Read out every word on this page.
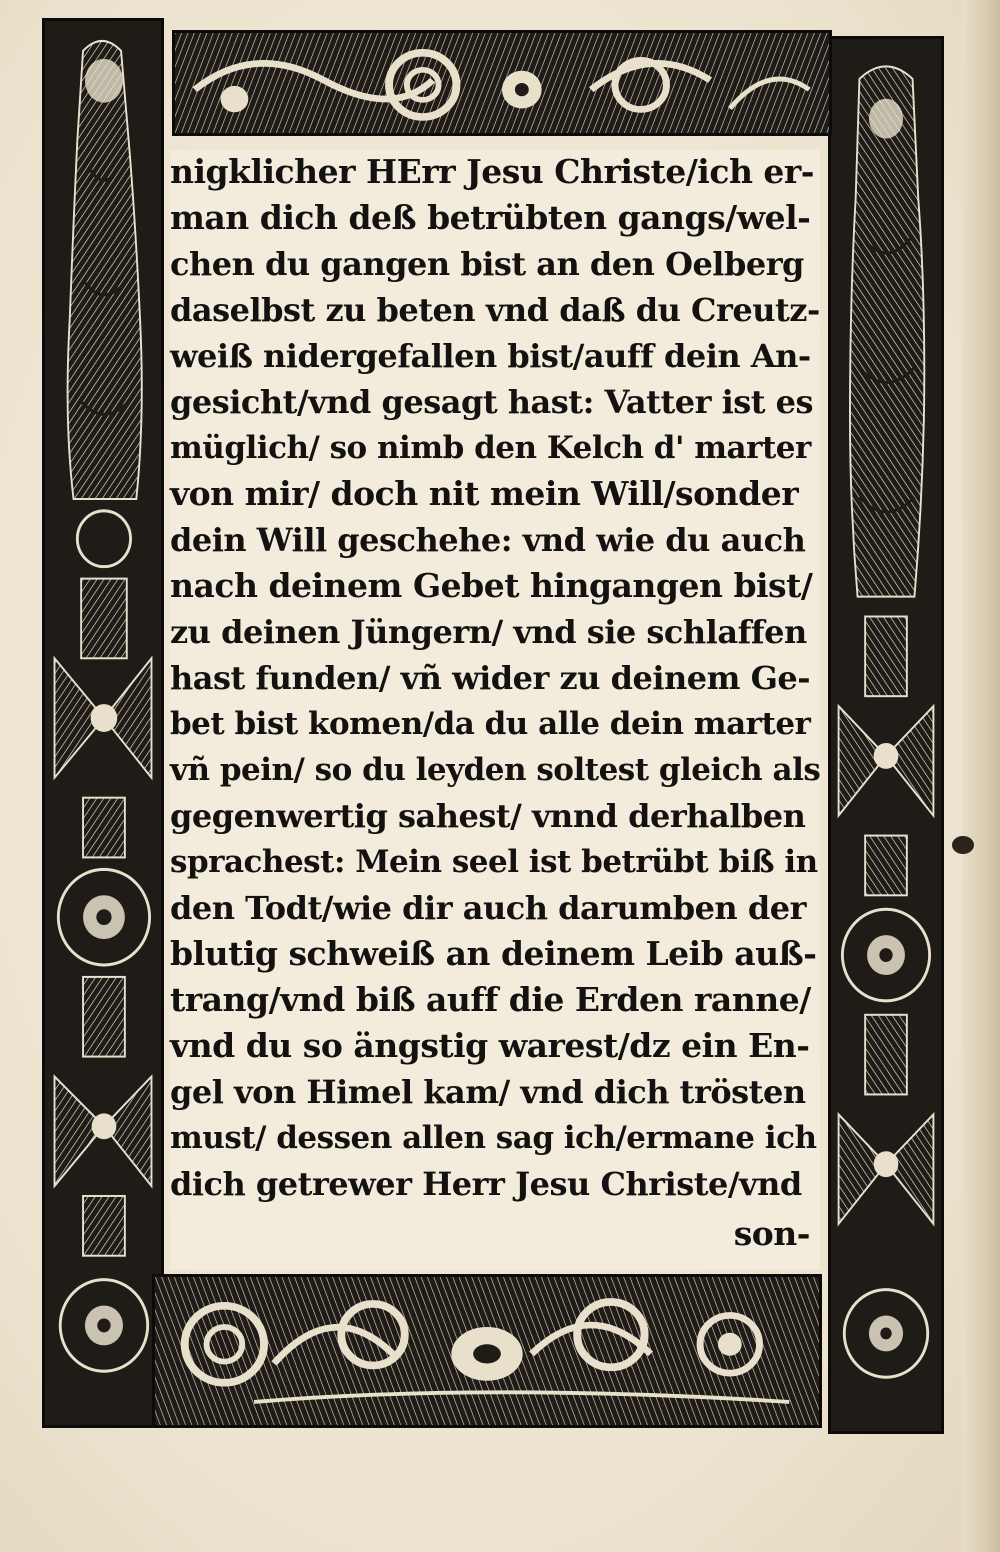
nigklicher HErr Jesu Christe/ich er-
man dich deß betrübten gangs/wel-
chen du gangen bist an den Oelberg
daselbst zu beten vnd daß du Creutz-
weiß nidergefallen bist/auff dein An-
gesicht/vnd gesagt hast: Vatter ist es
müglich/ so nimb den Kelch d' marter
von mir/ doch nit mein Will/sonder
dein Will geschehe: vnd wie du auch
nach deinem Gebet hingangen bist/
zu deinen Jüngern/ vnd sie schlaffen
hast funden/ vñ wider zu deinem Ge-
bet bist komen/da du alle dein marter
vñ pein/ so du leyden soltest gleich als
gegenwertig sahest/ vnnd derhalben
sprachest: Mein seel ist betrübt biß in
den Todt/wie dir auch darumben der
blutig schweiß an deinem Leib auß-
trang/vnd biß auff die Erden ranne/
vnd du so ängstig warest/dz ein En-
gel von Himel kam/ vnd dich trösten
must/ dessen allen sag ich/ermane ich
dich getrewer Herr Jesu Christe/vnd
son-
